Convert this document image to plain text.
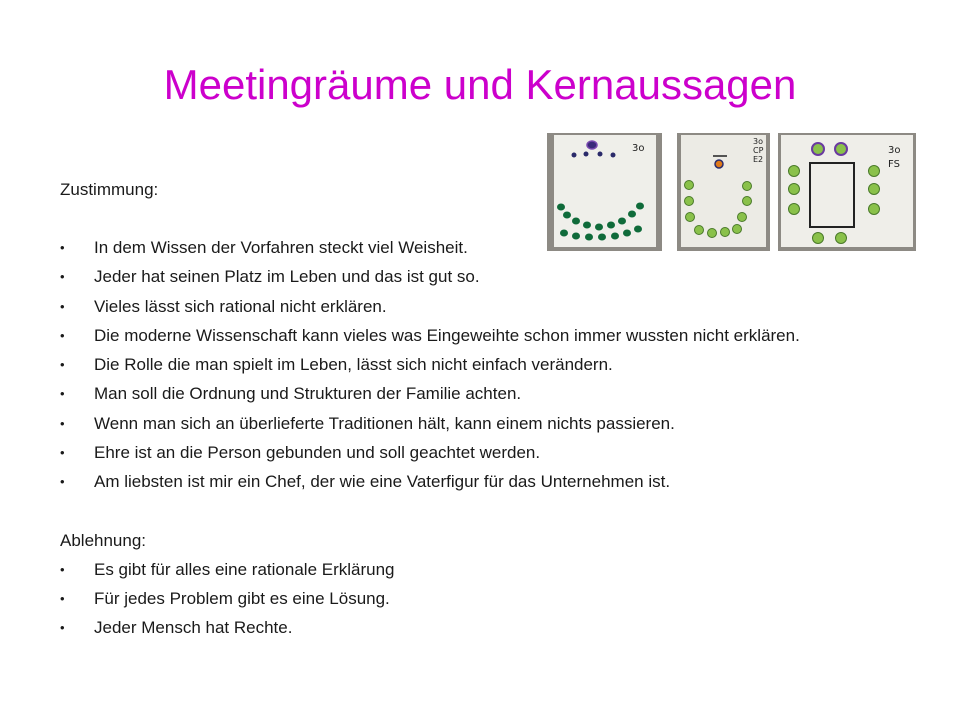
Meetingräume und Kernaussagen
3o
3o
CP
E2
3o
FS
Zustimmung:
• In dem Wissen der Vorfahren steckt viel Weisheit.
• Jeder hat seinen Platz im Leben und das ist gut so.
• Vieles lässt sich rational nicht erklären.
• Die moderne Wissenschaft kann vieles was Eingeweihte schon immer wussten nicht erklären.
• Die Rolle die man spielt im Leben, lässt sich nicht einfach verändern.
• Man soll die Ordnung und Strukturen der Familie achten.
• Wenn man sich an überlieferte Traditionen hält, kann einem nichts passieren.
• Ehre ist an die Person gebunden und soll geachtet werden.
• Am liebsten ist mir ein Chef, der wie eine Vaterfigur für das Unternehmen ist.
Ablehnung:
• Es gibt für alles eine rationale Erklärung
• Für jedes Problem gibt es eine Lösung.
• Jeder Mensch hat Rechte.
